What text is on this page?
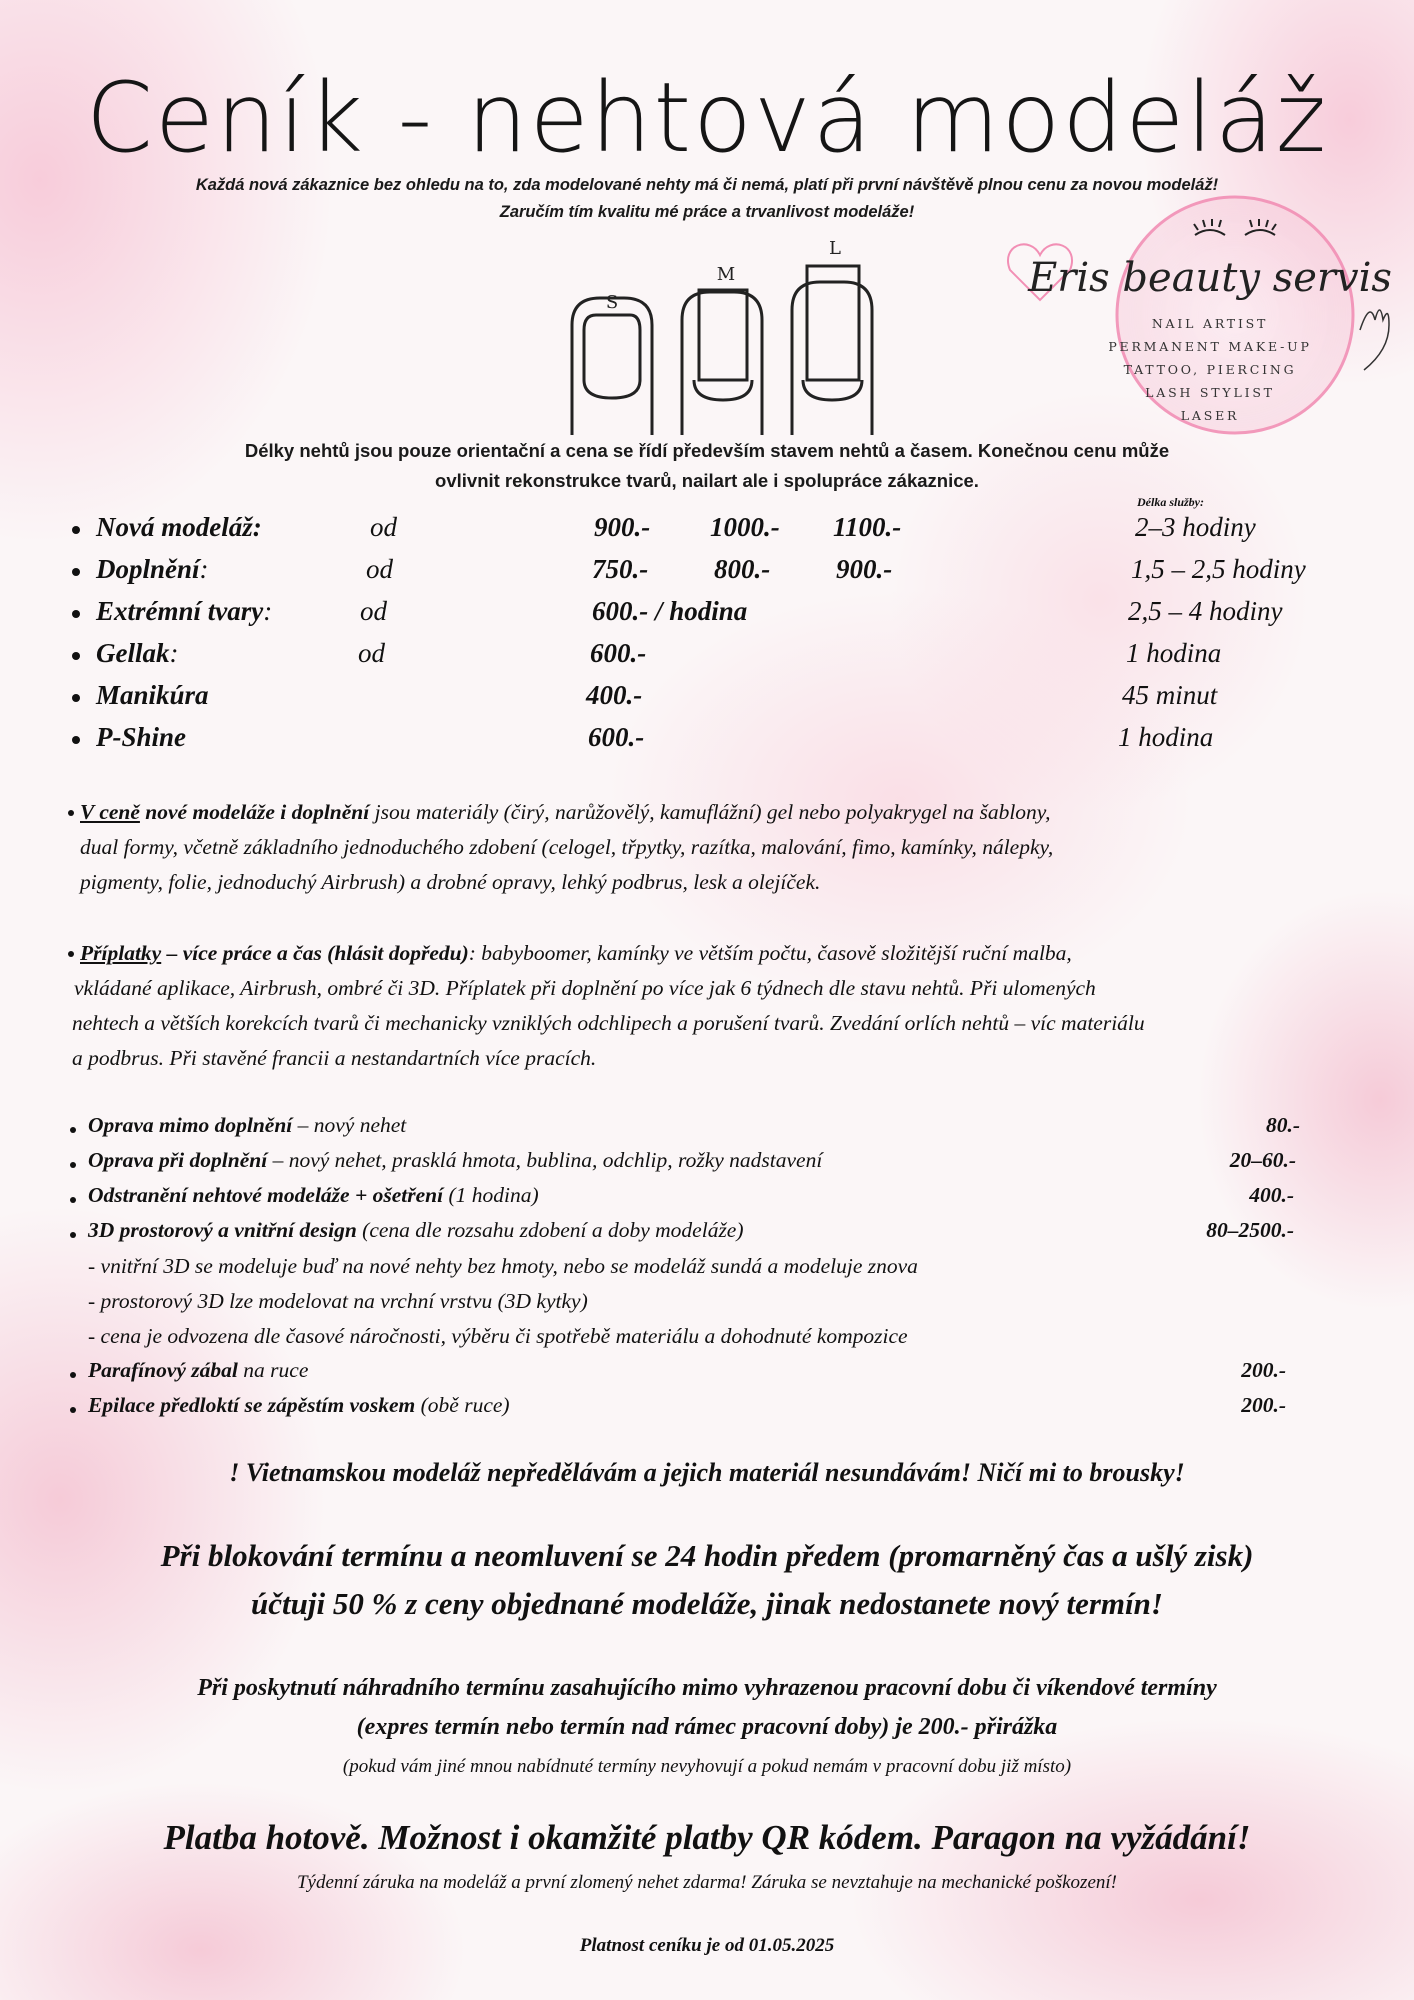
Ceník - nehtová modeláž
Každá nová zákaznice bez ohledu na to, zda modelované nehty má či nemá, platí při první návštěvě plnou cenu za novou modeláž!
Zaručím tím kvalitu mé práce a trvanlivost modeláže!
S
M
L
Eris beauty servis
NAIL ARTIST
PERMANENT MAKE-UP
TATTOO, PIERCING
LASH STYLIST
LASER
Délky nehtů jsou pouze orientační a cena se řídí především stavem nehtů a časem. Konečnou cenu může
ovlivnit rekonstrukce tvarů, nailart ale i spolupráce zákaznice.
Délka služby:
Nová modeláž:	od	900.- 1000.- 1100.-	2–3 hodiny
Doplnění:	od	750.- 800.- 900.-	1,5 – 2,5 hodiny
Extrémní tvary:	od	600.- / hodina	2,5 – 4 hodiny
Gellak:	od	600.-	1 hodina
Manikúra	400.-	45 minut
P-Shine	600.-	1 hodina
V ceně nové modeláže i doplnění jsou materiály (čirý, narůžovělý, kamuflážní) gel nebo polyakrygel na šablony,
dual formy, včetně základního jednoduchého zdobení (celogel, třpytky, razítka, malování, fimo, kamínky, nálepky,
pigmenty, folie, jednoduchý Airbrush) a drobné opravy, lehký podbrus, lesk a olejíček.
Příplatky – více práce a čas (hlásit dopředu): babyboomer, kamínky ve větším počtu, časově složitější ruční malba,
vkládané aplikace, Airbrush, ombré či 3D. Příplatek při doplnění po více jak 6 týdnech dle stavu nehtů. Při ulomených
nehtech a větších korekcích tvarů či mechanicky vzniklých odchlipech a porušení tvarů. Zvedání orlích nehtů – víc materiálu
a podbrus. Při stavěné francii a nestandartních více pracích.
Oprava mimo doplnění – nový nehet	80.-
Oprava při doplnění – nový nehet, prasklá hmota, bublina, odchlip, rožky nadstavení	20–60.-
Odstranění nehtové modeláže + ošetření (1 hodina)	400.-
3D prostorový a vnitřní design (cena dle rozsahu zdobení a doby modeláže)	80–2500.-
- vnitřní 3D se modeluje buď na nové nehty bez hmoty, nebo se modeláž sundá a modeluje znova
- prostorový 3D lze modelovat na vrchní vrstvu (3D kytky)
- cena je odvozena dle časové náročnosti, výběru či spotřebě materiálu a dohodnuté kompozice
Parafínový zábal na ruce	200.-
Epilace předloktí se zápěstím voskem (obě ruce)	200.-
! Vietnamskou modeláž nepředělávám a jejich materiál nesundávám! Ničí mi to brousky!
Při blokování termínu a neomluvení se 24 hodin předem (promarněný čas a ušlý zisk)
účtuji 50 % z ceny objednané modeláže, jinak nedostanete nový termín!
Při poskytnutí náhradního termínu zasahujícího mimo vyhrazenou pracovní dobu či víkendové termíny
(expres termín nebo termín nad rámec pracovní doby) je 200.- přirážka
(pokud vám jiné mnou nabídnuté termíny nevyhovují a pokud nemám v pracovní dobu již místo)
Platba hotově. Možnost i okamžité platby QR kódem. Paragon na vyžádání!
Týdenní záruka na modeláž a první zlomený nehet zdarma! Záruka se nevztahuje na mechanické poškození!
Platnost ceníku je od 01.05.2025
